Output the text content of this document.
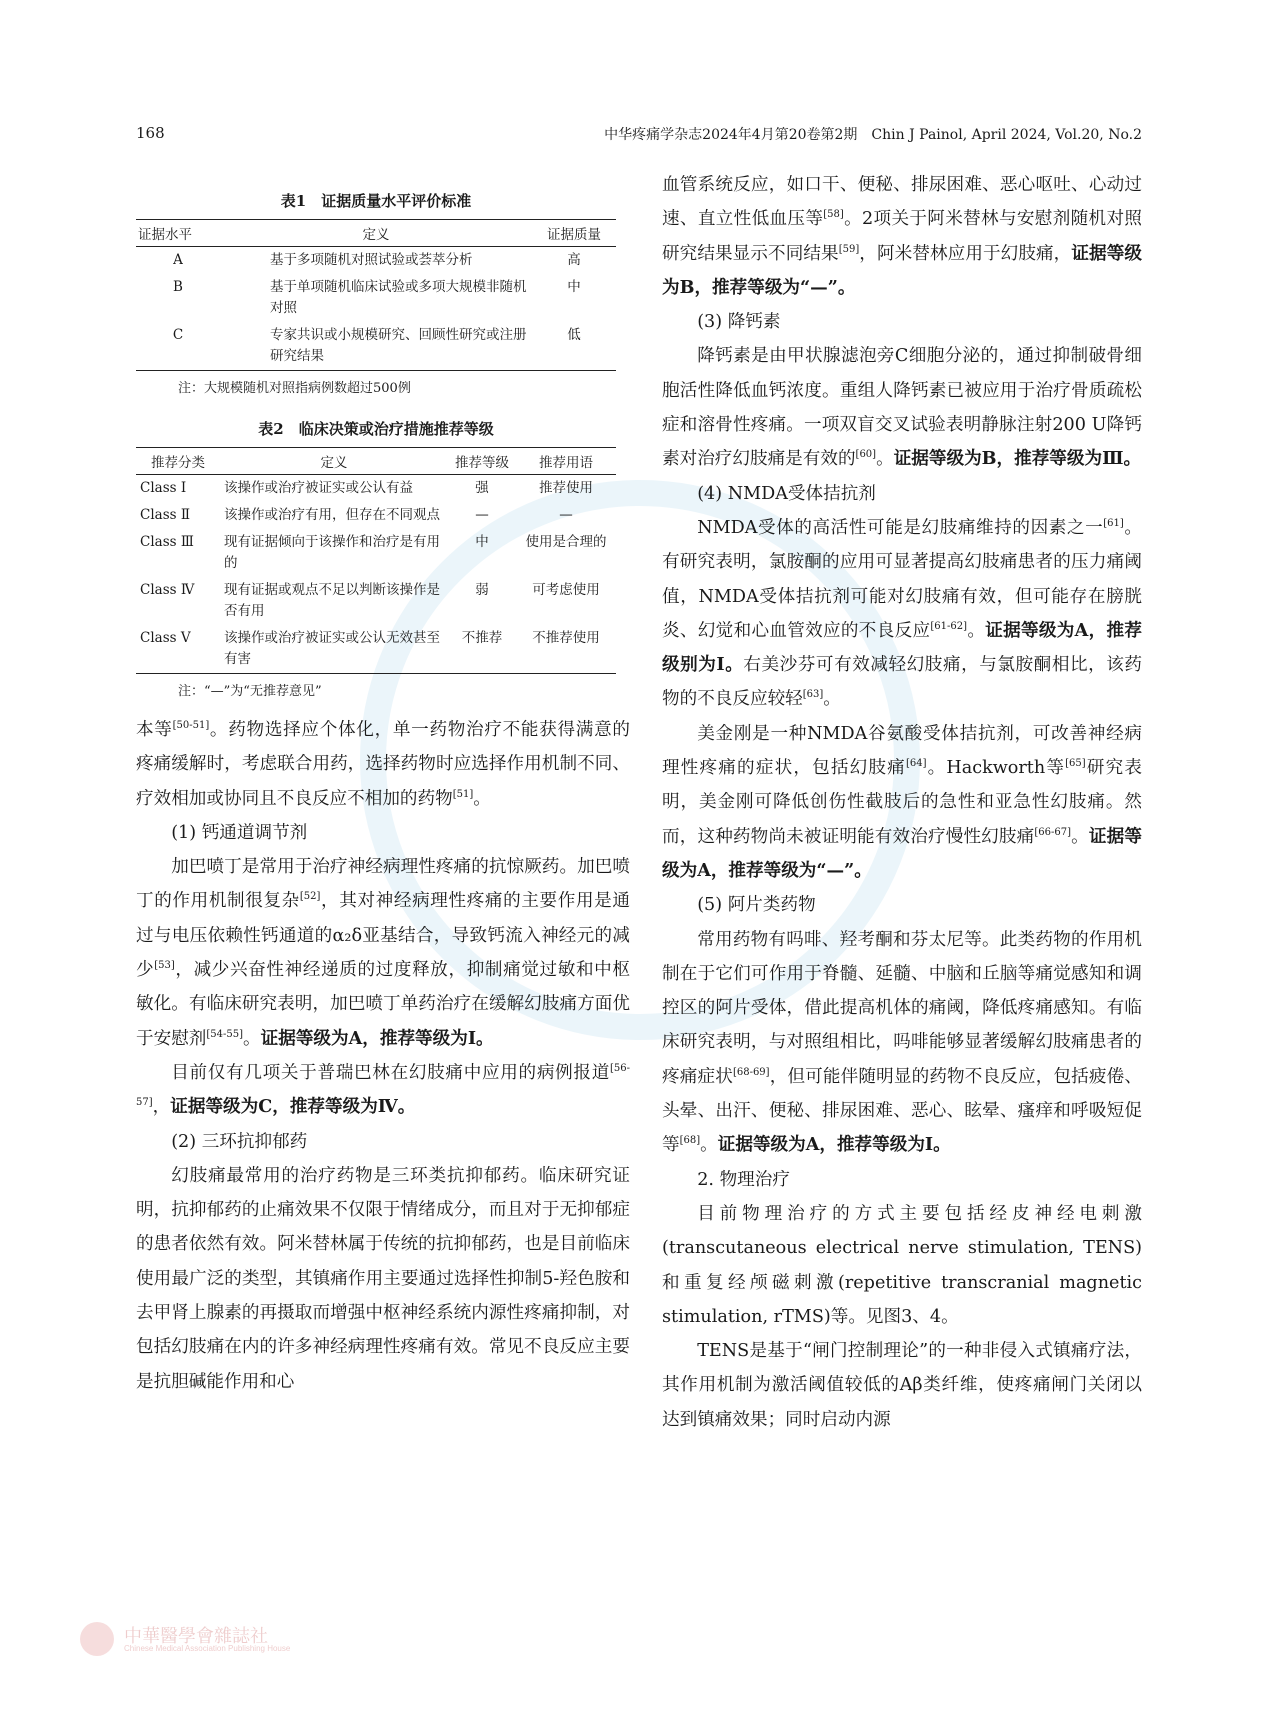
168	中华疼痛学杂志2024年4月第20卷第2期　Chin J Painol, April 2024, Vol.20, No.2
表1　证据质量水平评价标准
证据水平	定义	证据质量
A	基于多项随机对照试验或荟萃分析	高
B	基于单项随机临床试验或多项大规模非随机对照	中
C	专家共识或小规模研究、回顾性研究或注册研究结果	低
注：大规模随机对照指病例数超过500例
表2　临床决策或治疗措施推荐等级
推荐分类	定义	推荐等级	推荐用语
Class Ⅰ	该操作或治疗被证实或公认有益	强	推荐使用
Class Ⅱ	该操作或治疗有用，但存在不同观点	—	—
Class Ⅲ	现有证据倾向于该操作和治疗是有用的	中	使用是合理的
Class Ⅳ	现有证据或观点不足以判断该操作是否有用	弱	可考虑使用
Class Ⅴ	该操作或治疗被证实或公认无效甚至有害	不推荐	不推荐使用
注：“—”为“无推荐意见”

本等[50-51]。药物选择应个体化，单一药物治疗不能获得满意的疼痛缓解时，考虑联合用药，选择药物时应选择作用机制不同、疗效相加或协同且不良反应不相加的药物[51]。

(1) 钙通道调节剂

加巴喷丁是常用于治疗神经病理性疼痛的抗惊厥药。加巴喷丁的作用机制很复杂[52]，其对神经病理性疼痛的主要作用是通过与电压依赖性钙通道的α₂δ亚基结合，导致钙流入神经元的减少[53]，减少兴奋性神经递质的过度释放，抑制痛觉过敏和中枢敏化。有临床研究表明，加巴喷丁单药治疗在缓解幻肢痛方面优于安慰剂[54-55]。证据等级为A，推荐等级为Ⅰ。

目前仅有几项关于普瑞巴林在幻肢痛中应用的病例报道[56-57]，证据等级为C，推荐等级为Ⅳ。

(2) 三环抗抑郁药

幻肢痛最常用的治疗药物是三环类抗抑郁药。临床研究证明，抗抑郁药的止痛效果不仅限于情绪成分，而且对于无抑郁症的患者依然有效。阿米替林属于传统的抗抑郁药，也是目前临床使用最广泛的类型，其镇痛作用主要通过选择性抑制5-羟色胺和去甲肾上腺素的再摄取而增强中枢神经系统内源性疼痛抑制，对包括幻肢痛在内的许多神经病理性疼痛有效。常见不良反应主要是抗胆碱能作用和心

血管系统反应，如口干、便秘、排尿困难、恶心呕吐、心动过速、直立性低血压等[58]。2项关于阿米替林与安慰剂随机对照研究结果显示不同结果[59]，阿米替林应用于幻肢痛，证据等级为B，推荐等级为“—”。

(3) 降钙素

降钙素是由甲状腺滤泡旁C细胞分泌的，通过抑制破骨细胞活性降低血钙浓度。重组人降钙素已被应用于治疗骨质疏松症和溶骨性疼痛。一项双盲交叉试验表明静脉注射200 U降钙素对治疗幻肢痛是有效的[60]。证据等级为B，推荐等级为Ⅲ。

(4) NMDA受体拮抗剂

NMDA受体的高活性可能是幻肢痛维持的因素之一[61]。有研究表明，氯胺酮的应用可显著提高幻肢痛患者的压力痛阈值，NMDA受体拮抗剂可能对幻肢痛有效，但可能存在膀胱炎、幻觉和心血管效应的不良反应[61-62]。证据等级为A，推荐级别为Ⅰ。右美沙芬可有效减轻幻肢痛，与氯胺酮相比，该药物的不良反应较轻[63]。

美金刚是一种NMDA谷氨酸受体拮抗剂，可改善神经病理性疼痛的症状，包括幻肢痛[64]。Hackworth等[65]研究表明，美金刚可降低创伤性截肢后的急性和亚急性幻肢痛。然而，这种药物尚未被证明能有效治疗慢性幻肢痛[66-67]。证据等级为A，推荐等级为“—”。

(5) 阿片类药物

常用药物有吗啡、羟考酮和芬太尼等。此类药物的作用机制在于它们可作用于脊髓、延髓、中脑和丘脑等痛觉感知和调控区的阿片受体，借此提高机体的痛阈，降低疼痛感知。有临床研究表明，与对照组相比，吗啡能够显著缓解幻肢痛患者的疼痛症状[68-69]，但可能伴随明显的药物不良反应，包括疲倦、头晕、出汗、便秘、排尿困难、恶心、眩晕、瘙痒和呼吸短促等[68]。证据等级为A，推荐等级为Ⅰ。

2. 物理治疗

目前物理治疗的方式主要包括经皮神经电刺激(transcutaneous electrical nerve stimulation, TENS)和重复经颅磁刺激(repetitive transcranial magnetic stimulation, rTMS)等。见图3、4。

TENS是基于“闸门控制理论”的一种非侵入式镇痛疗法，其作用机制为激活阈值较低的Aβ类纤维，使疼痛闸门关闭以达到镇痛效果；同时启动内源

中華醫學會雜誌社
Chinese Medical Association Publishing House
